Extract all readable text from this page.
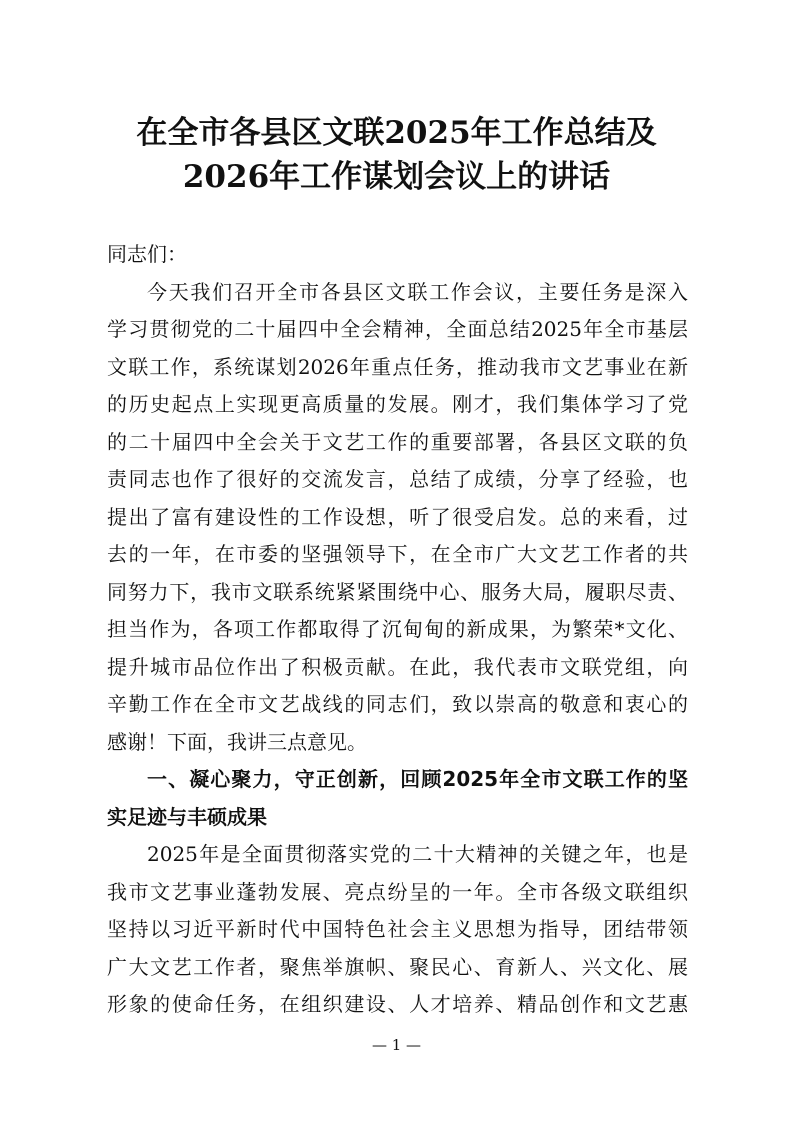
在全市各县区文联2025年工作总结及
2026年工作谋划会议上的讲话
同志们：
今天我们召开全市各县区文联工作会议，主要任务是深入
学习贯彻党的二十届四中全会精神，全面总结2025年全市基层
文联工作，系统谋划2026年重点任务，推动我市文艺事业在新
的历史起点上实现更高质量的发展。刚才，我们集体学习了党
的二十届四中全会关于文艺工作的重要部署，各县区文联的负
责同志也作了很好的交流发言，总结了成绩，分享了经验，也
提出了富有建设性的工作设想，听了很受启发。总的来看，过
去的一年，在市委的坚强领导下，在全市广大文艺工作者的共
同努力下，我市文联系统紧紧围绕中心、服务大局，履职尽责、
担当作为，各项工作都取得了沉甸甸的新成果，为繁荣*文化、
提升城市品位作出了积极贡献。在此，我代表市文联党组，向
辛勤工作在全市文艺战线的同志们，致以崇高的敬意和衷心的
感谢！下面，我讲三点意见。
一、凝心聚力，守正创新，回顾2025年全市文联工作的坚
实足迹与丰硕成果
2025年是全面贯彻落实党的二十大精神的关键之年，也是
我市文艺事业蓬勃发展、亮点纷呈的一年。全市各级文联组织
坚持以习近平新时代中国特色社会主义思想为指导，团结带领
广大文艺工作者，聚焦举旗帜、聚民心、育新人、兴文化、展
形象的使命任务，在组织建设、人才培养、精品创作和文艺惠
— 1 —
